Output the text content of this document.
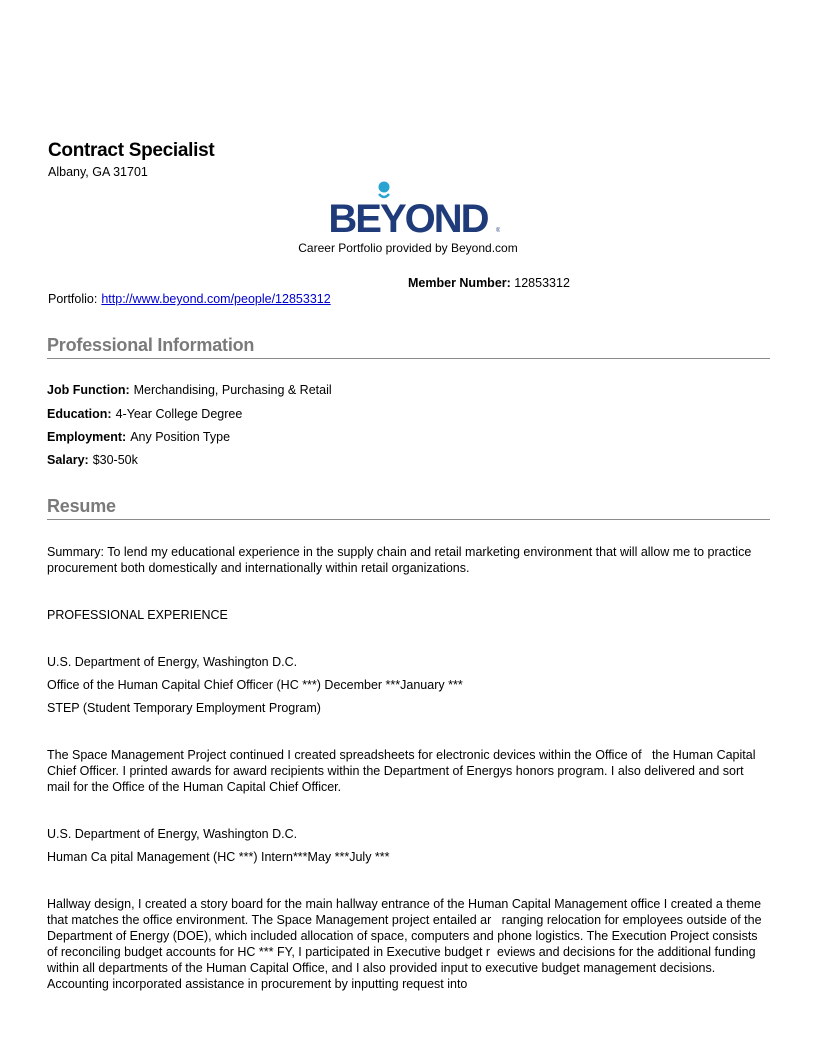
Contract Specialist
Albany, GA 31701
BEYOND ®
Career Portfolio provided by Beyond.com
Member Number: 12853312
Portfolio: http://www.beyond.com/people/12853312
Professional Information
Job Function: Merchandising, Purchasing & Retail
Education: 4-Year College Degree
Employment: Any Position Type
Salary: $30-50k
Resume
Summary: To lend my educational experience in the supply chain and retail marketing environment that will allow me to practice procurement both domestically and internationally within retail organizations.
PROFESSIONAL EXPERIENCE
U.S. Department of Energy, Washington D.C.
Office of the Human Capital Chief Officer (HC ***) December ***January ***
STEP (Student Temporary Employment Program)
The Space Management Project continued I created spreadsheets for electronic devices within the Office of   the Human Capital Chief Officer. I printed awards for award recipients within the Department of Energys honors program. I also delivered and sort mail for the Office of the Human Capital Chief Officer.
U.S. Department of Energy, Washington D.C.
Human Ca pital Management (HC ***) Intern***May ***July ***
Hallway design, I created a story board for the main hallway entrance of the Human Capital Management office I created a theme that matches the office environment. The Space Management project entailed ar   ranging relocation for employees outside of the Department of Energy (DOE), which included allocation of space, computers and phone logistics. The Execution Project consists of reconciling budget accounts for HC *** FY, I participated in Executive budget r  eviews and decisions for the additional funding within all departments of the Human Capital Office, and I also provided input to executive budget management decisions. Accounting incorporated assistance in procurement by inputting request into
